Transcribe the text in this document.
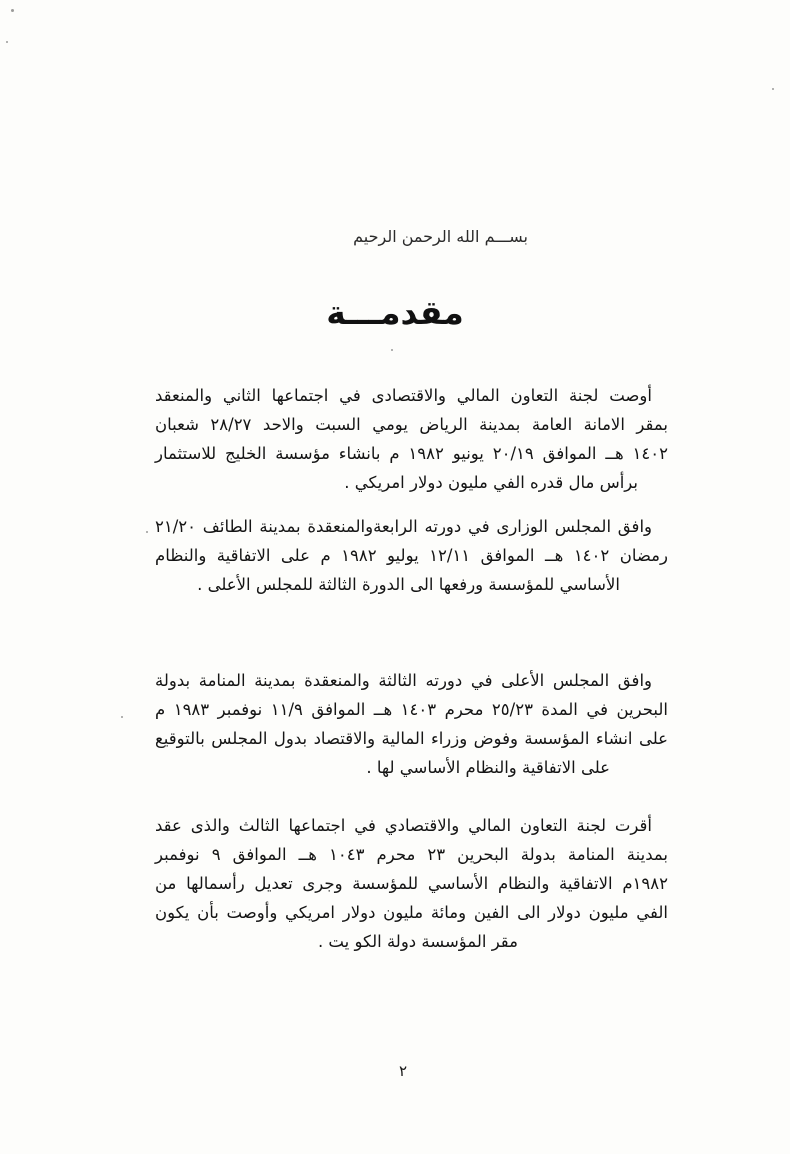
بســـم الله الرحمن الرحيم
مقدمـــة
أوصت لجنة التعاون المالي والاقتصادى في اجتماعها الثاني والمنعقد
بمقر الامانة العامة بمدينة الرياض يومي السبت والاحد ٢٨/٢٧ شعبان
١٤٠٢ هــ الموافق ٢٠/١٩ يونيو ١٩٨٢ م بانشاء مؤسسة الخليج للاستثمار
برأس مال قدره الفي مليون دولار امريكي .
وافق المجلس الوزارى في دورته الرابعةوالمنعقدة بمدينة الطائف ٢١/٢٠
رمضان ١٤٠٢ هــ الموافق ١٢/١١ يوليو ١٩٨٢ م على الاتفاقية والنظام
الأساسي للمؤسسة ورفعها الى الدورة الثالثة للمجلس الأعلى .
وافق المجلس الأعلى في دورته الثالثة والمنعقدة بمدينة المنامة بدولة
البحرين في المدة ٢٥/٢٣ محرم ١٤٠٣ هــ الموافق ١١/٩ نوفمبر ١٩٨٣ م
على انشاء المؤسسة وفوض وزراء المالية والاقتصاد بدول المجلس بالتوقيع
على الاتفاقية والنظام الأساسي لها .
أقرت لجنة التعاون المالي والاقتصادي في اجتماعها الثالث والذى عقد
بمدينة المنامة بدولة البحرين ٢٣ محرم ١٠٤٣ هــ الموافق ٩ نوفمبر
١٩٨٢م الاتفاقية والنظام الأساسي للمؤسسة وجرى تعديل رأسمالها من
الفي مليون دولار الى الفين ومائة مليون دولار امريكي وأوصت بأن يكون
مقر المؤسسة دولة الكو يت .
٢
